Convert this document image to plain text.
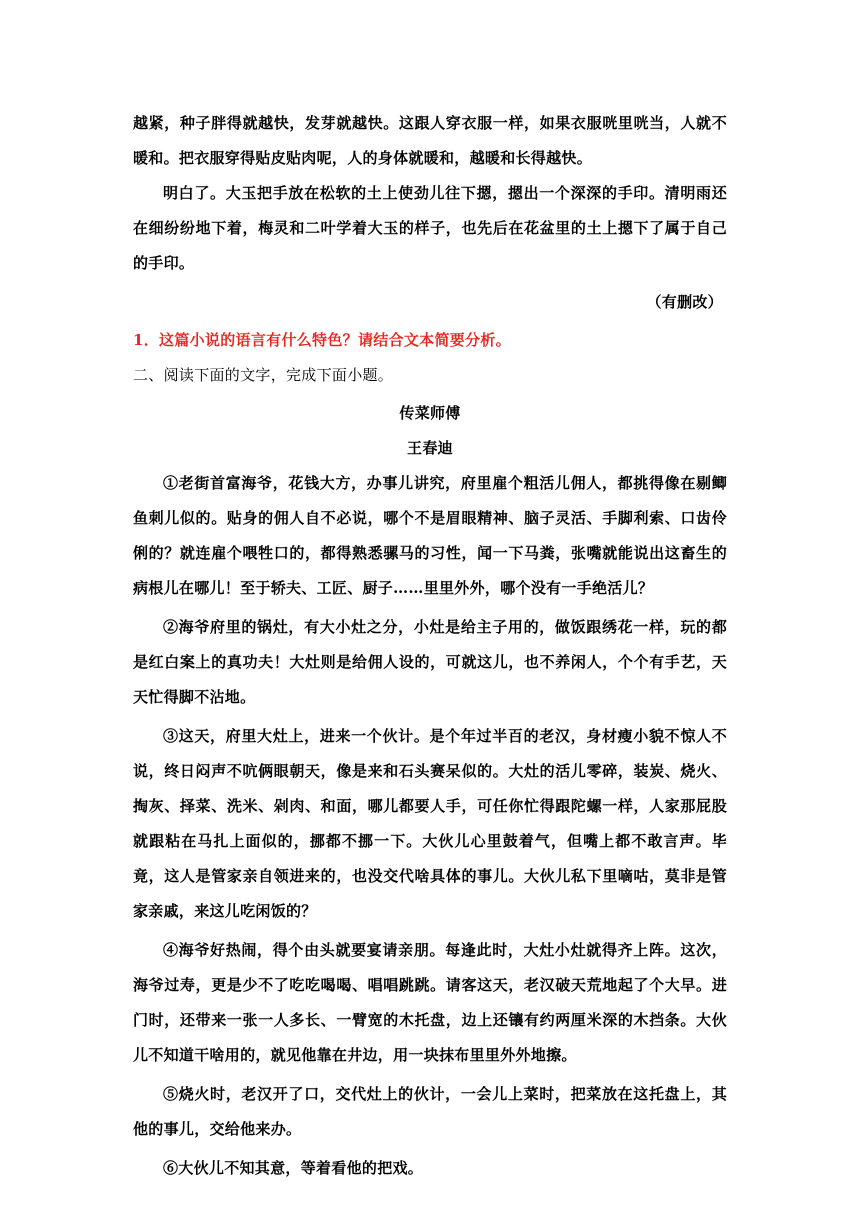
越紧，种子胖得就越快，发芽就越快。这跟人穿衣服一样，如果衣服咣里咣当，人就不暖和。把衣服穿得贴皮贴肉呢，人的身体就暖和，越暖和长得越快。

明白了。大玉把手放在松软的土上使劲儿往下摁，摁出一个深深的手印。清明雨还在细纷纷地下着，梅灵和二叶学着大玉的样子，也先后在花盆里的土上摁下了属于自己的手印。

（有删改）

1．这篇小说的语言有什么特色？请结合文本简要分析。

二、阅读下面的文字，完成下面小题。

传菜师傅

王春迪

①老街首富海爷，花钱大方，办事儿讲究，府里雇个粗活儿佣人，都挑得像在剔鲫鱼刺儿似的。贴身的佣人自不必说，哪个不是眉眼精神、脑子灵活、手脚利索、口齿伶俐的？就连雇个喂牲口的，都得熟悉骡马的习性，闻一下马粪，张嘴就能说出这畜生的病根儿在哪儿！至于轿夫、工匠、厨子……里里外外，哪个没有一手绝活儿？

②海爷府里的锅灶，有大小灶之分，小灶是给主子用的，做饭跟绣花一样，玩的都是红白案上的真功夫！大灶则是给佣人设的，可就这儿，也不养闲人，个个有手艺，天天忙得脚不沾地。

③这天，府里大灶上，进来一个伙计。是个年过半百的老汉，身材瘦小貌不惊人不说，终日闷声不吭俩眼朝天，像是来和石头赛呆似的。大灶的活儿零碎，装炭、烧火、掏灰、择菜、洗米、剁肉、和面，哪儿都要人手，可任你忙得跟陀螺一样，人家那屁股就跟粘在马扎上面似的，挪都不挪一下。大伙儿心里鼓着气，但嘴上都不敢言声。毕竟，这人是管家亲自领进来的，也没交代啥具体的事儿。大伙儿私下里嘀咕，莫非是管家亲戚，来这儿吃闲饭的？

④海爷好热闹，得个由头就要宴请亲朋。每逢此时，大灶小灶就得齐上阵。这次，海爷过寿，更是少不了吃吃喝喝、唱唱跳跳。请客这天，老汉破天荒地起了个大早。进门时，还带来一张一人多长、一臂宽的木托盘，边上还镶有约两厘米深的木挡条。大伙儿不知道干啥用的，就见他靠在井边，用一块抹布里里外外地擦。

⑤烧火时，老汉开了口，交代灶上的伙计，一会儿上菜时，把菜放在这托盘上，其他的事儿，交给他来办。

⑥大伙儿不知其意，等着看他的把戏。
